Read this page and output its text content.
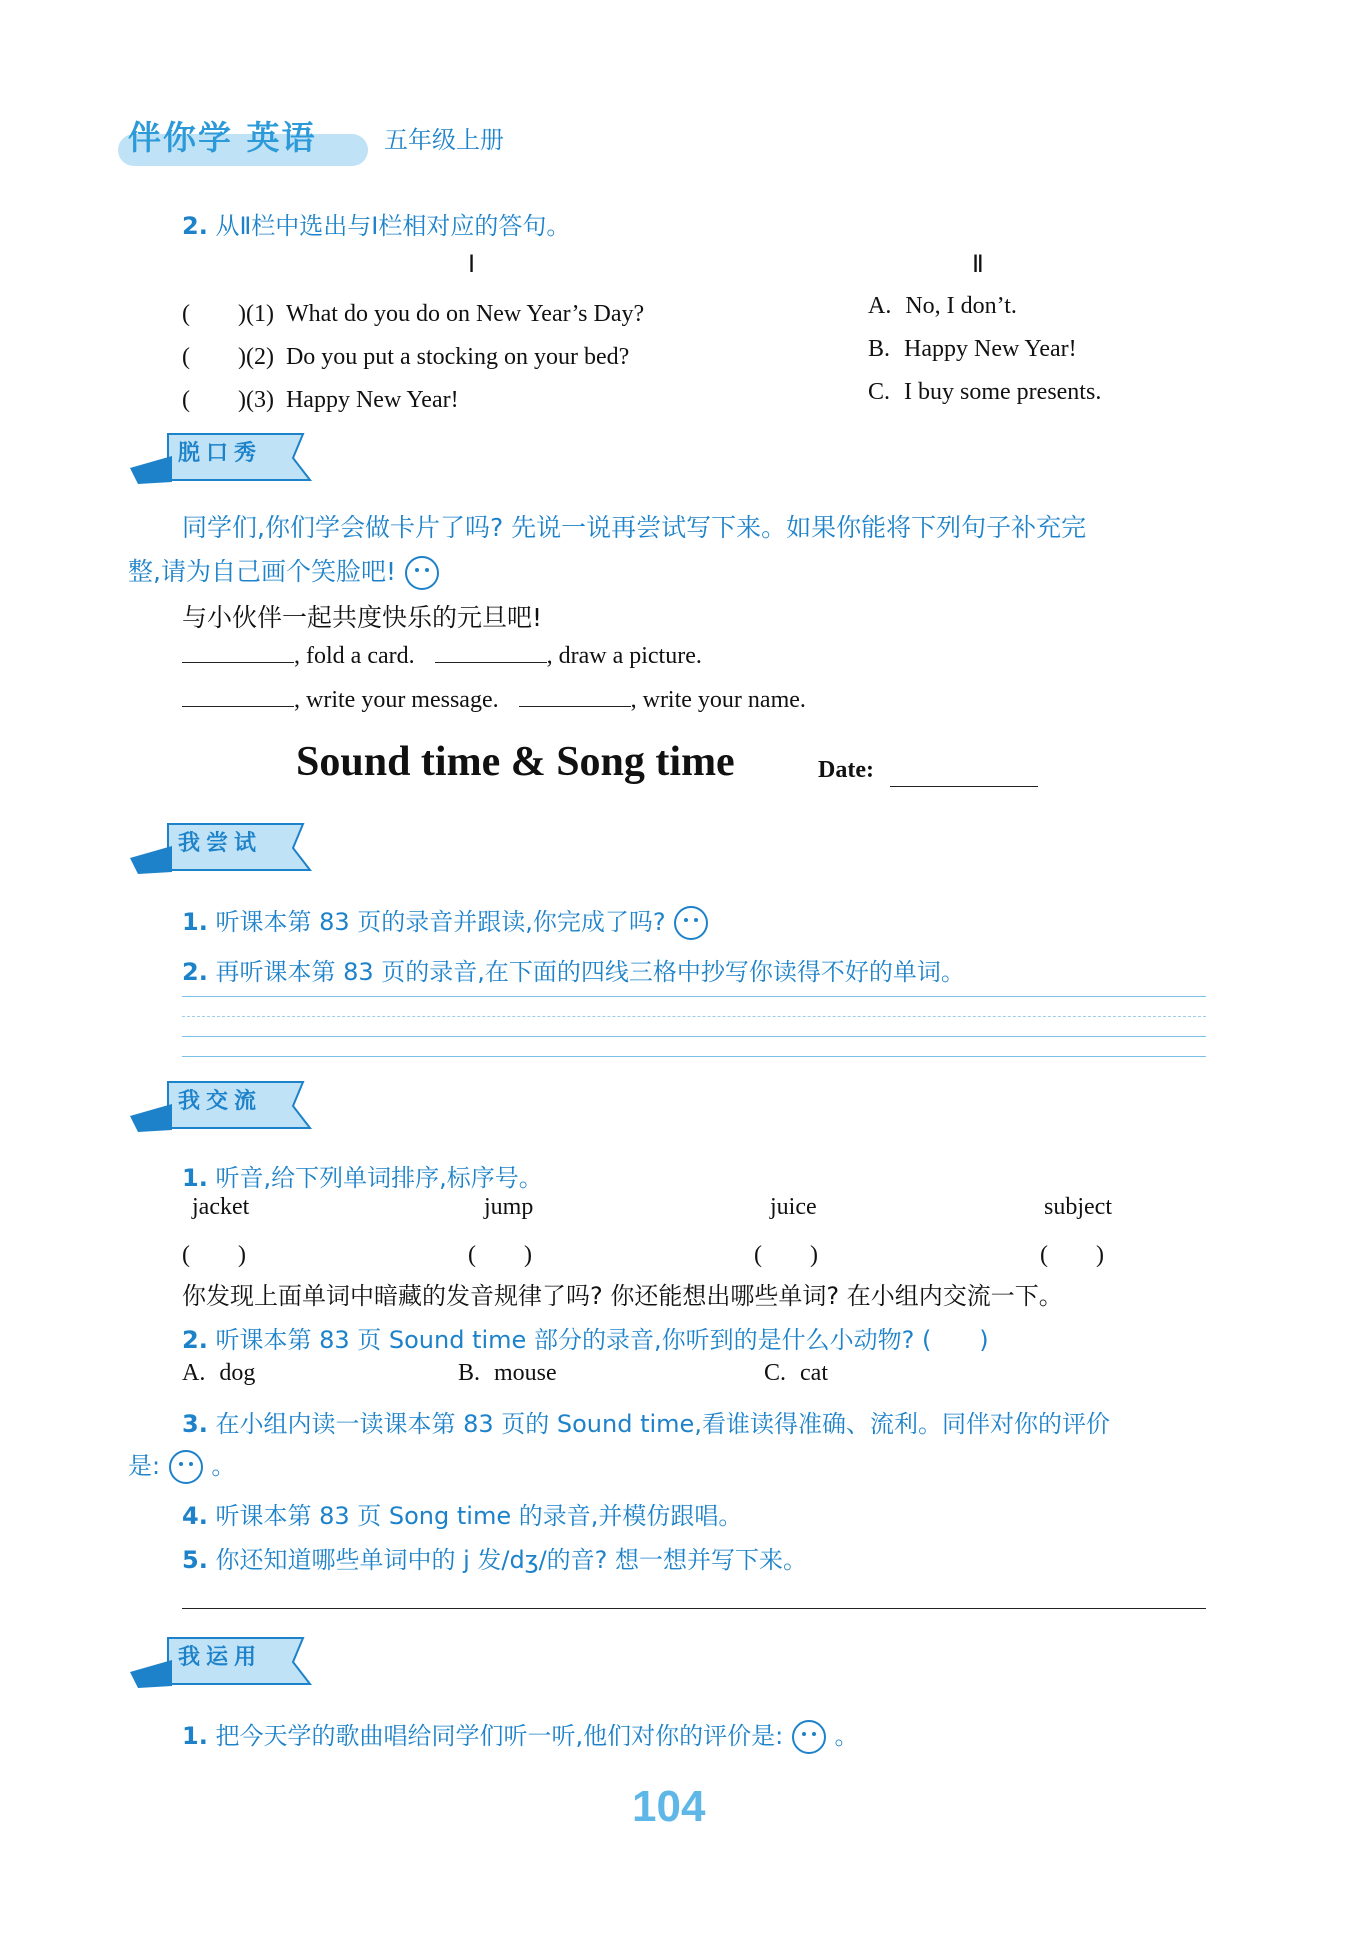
伴你学 英语	五年级上册
2. 从Ⅱ栏中选出与Ⅰ栏相对应的答句。
Ⅰ	Ⅱ
(　　)(1) What do you do on New Year’s Day?
(　　)(2) Do you put a stocking on your bed?
(　　)(3) Happy New Year!
A. No, I don’t.
B. Happy New Year!
C. I buy some presents.
脱口秀
同学们,你们学会做卡片了吗? 先说一说再尝试写下来。如果你能将下列句子补充完
整,请为自己画个笑脸吧!
与小伙伴一起共度快乐的元旦吧!
, fold a card.	, draw a picture.
, write your message.	, write your name.
Sound time & Song time	Date:
我尝试
1. 听课本第 83 页的录音并跟读,你完成了吗?
2. 再听课本第 83 页的录音,在下面的四线三格中抄写你读得不好的单词。
我交流
1. 听音,给下列单词排序,标序号。
jacket	jump	juice	subject
(　　)	(　　)	(　　)	(　　)
你发现上面单词中暗藏的发音规律了吗? 你还能想出哪些单词? 在小组内交流一下。
2. 听课本第 83 页 Sound time 部分的录音,你听到的是什么小动物? (　　)
A. dog	B. mouse	C. cat
3. 在小组内读一读课本第 83 页的 Sound time,看谁读得准确、流利。同伴对你的评价
是: 。
4. 听课本第 83 页 Song time 的录音,并模仿跟唱。
5. 你还知道哪些单词中的 j 发/dʒ/的音? 想一想并写下来。
我运用
1. 把今天学的歌曲唱给同学们听一听,他们对你的评价是: 。
104
